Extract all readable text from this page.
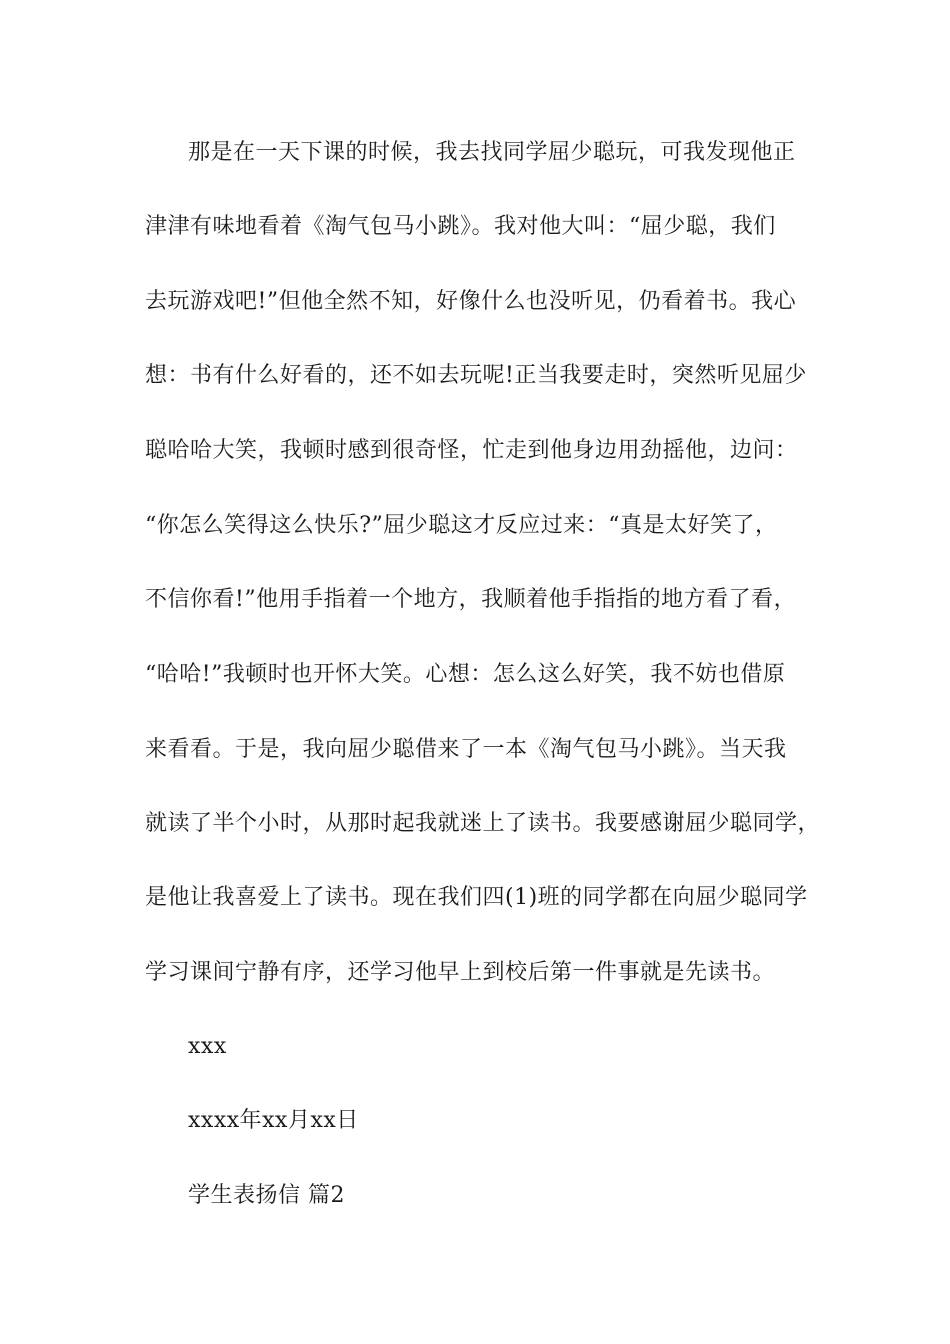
那是在一天下课的时候，我去找同学屈少聪玩，可我发现他正
津津有味地看着《淘气包马小跳》。我对他大叫：“屈少聪，我们
去玩游戏吧!”但他全然不知，好像什么也没听见，仍看着书。我心
想：书有什么好看的，还不如去玩呢!正当我要走时，突然听见屈少
聪哈哈大笑，我顿时感到很奇怪，忙走到他身边用劲摇他，边问：
“你怎么笑得这么快乐?”屈少聪这才反应过来：“真是太好笑了，
不信你看!”他用手指着一个地方，我顺着他手指指的地方看了看，
“哈哈!”我顿时也开怀大笑。心想：怎么这么好笑，我不妨也借原
来看看。于是，我向屈少聪借来了一本《淘气包马小跳》。当天我
就读了半个小时，从那时起我就迷上了读书。我要感谢屈少聪同学，
是他让我喜爱上了读书。现在我们四(1)班的同学都在向屈少聪同学
学习课间宁静有序，还学习他早上到校后第一件事就是先读书。
xxx
xxxx年xx月xx日
学生表扬信 篇2
